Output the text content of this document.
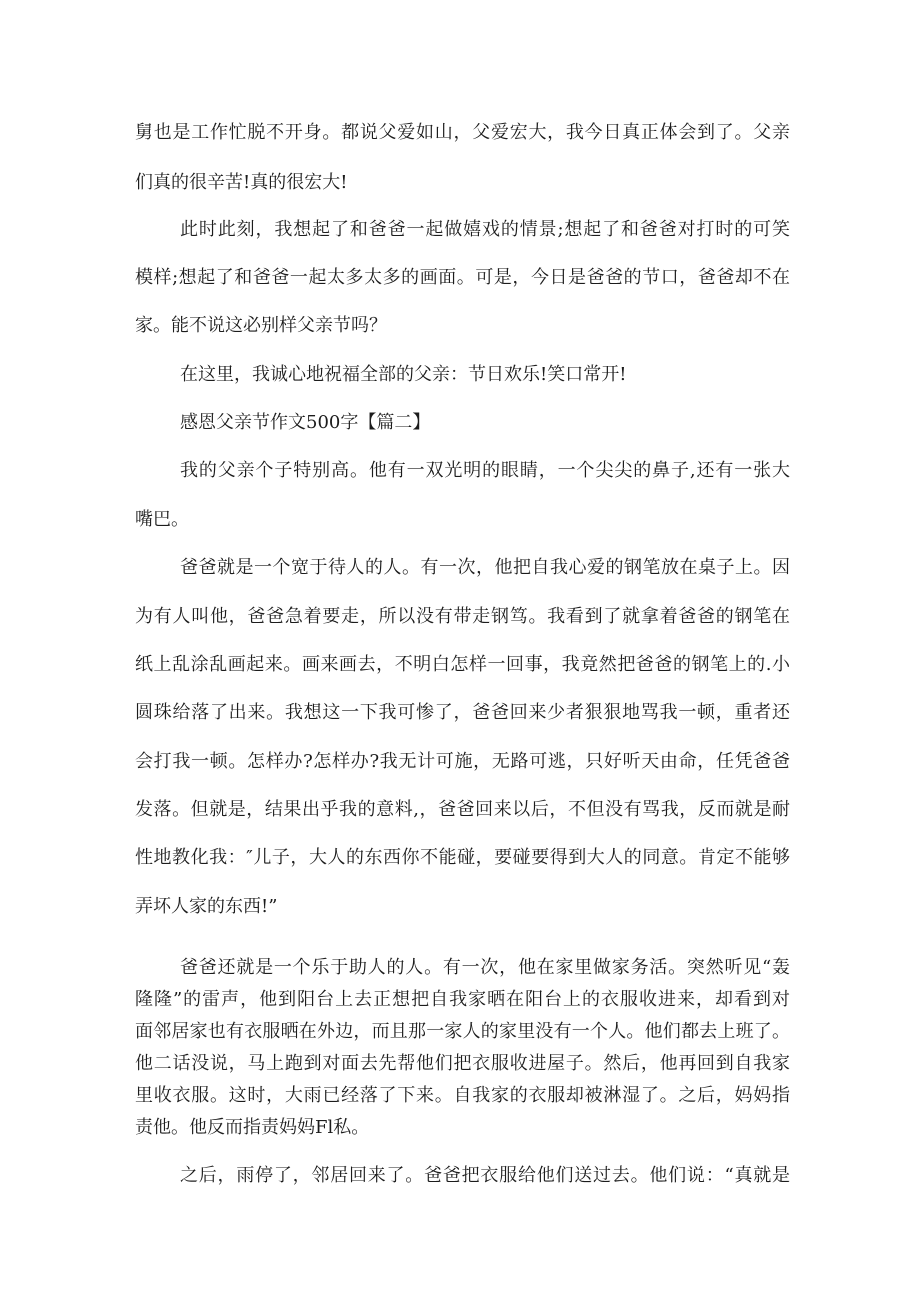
舅也是工作忙脱不开身。都说父爱如山，父爱宏大，我今日真正体会到了。父亲
们真的很辛苦!真的很宏大!
此时此刻，我想起了和爸爸一起做嬉戏的情景;想起了和爸爸对打时的可笑
模样;想起了和爸爸一起太多太多的画面。可是，今日是爸爸的节口，爸爸却不在
家。能不说这必别样父亲节吗？
在这里，我诚心地祝福全部的父亲：节日欢乐!笑口常开!
感恩父亲节作文500字【篇二】
我的父亲个子特别高。他有一双光明的眼睛，一个尖尖的鼻子,还有一张大
嘴巴。
爸爸就是一个宽于待人的人。有一次，他把自我心爱的钢笔放在桌子上。因
为有人叫他，爸爸急着要走，所以没有带走钢笃。我看到了就拿着爸爸的钢笔在
纸上乱涂乱画起来。画来画去，不明白怎样一回事，我竟然把爸爸的钢笔上的.小
圆珠给落了出来。我想这一下我可惨了，爸爸回来少者狠狠地骂我一顿，重者还
会打我一顿。怎样办?怎样办?我无计可施，无路可逃，只好听天由命，任凭爸爸
发落。但就是，结果出乎我的意料,，爸爸回来以后，不但没有骂我，反而就是耐
性地教化我：″儿子，大人的东西你不能碰，要碰要得到大人的同意。肯定不能够
弄坏人家的东西!”
爸爸还就是一个乐于助人的人。有一次，他在家里做家务活。突然听见“轰
隆隆”的雷声，他到阳台上去正想把自我家晒在阳台上的衣服收进来，却看到对
面邻居家也有衣服晒在外边，而且那一家人的家里没有一个人。他们都去上班了。
他二话没说，马上跑到对面去先帮他们把衣服收进屋子。然后，他再回到自我家
里收衣服。这时，大雨已经落了下来。自我家的衣服却被淋湿了。之后，妈妈指
责他。他反而指责妈妈Fl私。
之后，雨停了，邻居回来了。爸爸把衣服给他们送过去。他们说：“真就是
